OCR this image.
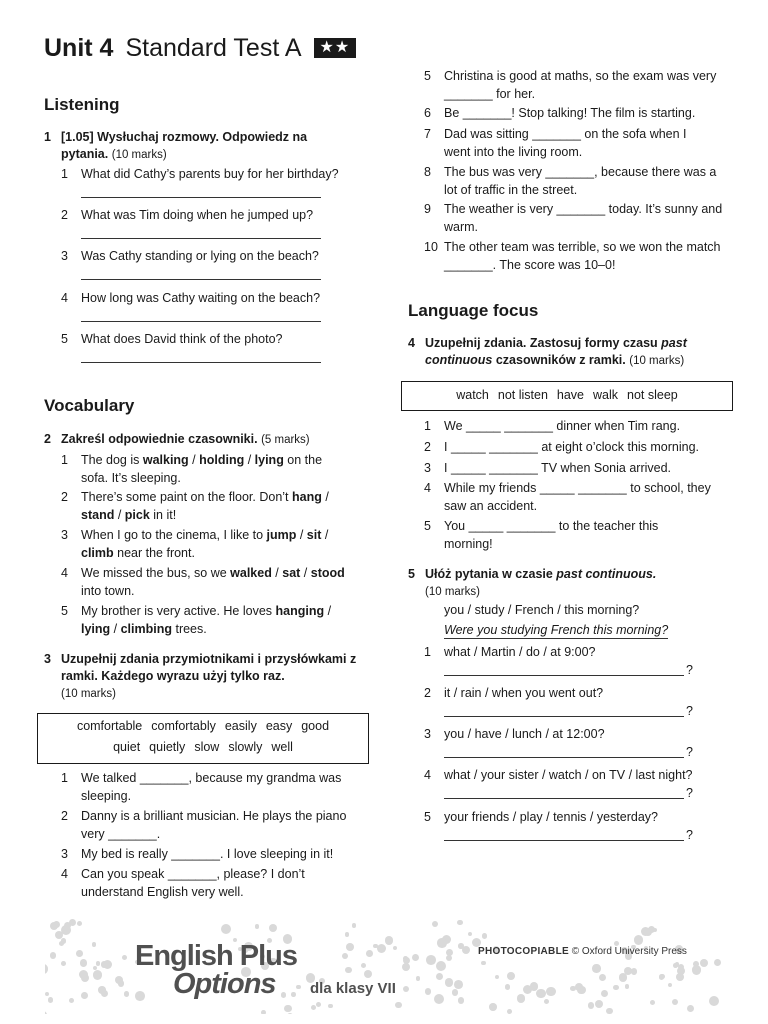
Unit 4 Standard Test A ★★
Listening
1 [1.05] Wysłuchaj rozmowy. Odpowiedz na pytania. (10 marks)
1 What did Cathy’s parents buy for her birthday?
2 What was Tim doing when he jumped up?
3 Was Cathy standing or lying on the beach?
4 How long was Cathy waiting on the beach?
5 What does David think of the photo?
Vocabulary
2 Zakreśl odpowiednie czasowniki. (5 marks)
1 The dog is walking / holding / lying on the sofa. It’s sleeping.
2 There’s some paint on the floor. Don’t hang / stand / pick in it!
3 When I go to the cinema, I like to jump / sit / climb near the front.
4 We missed the bus, so we walked / sat / stood into town.
5 My brother is very active. He loves hanging / lying / climbing trees.
3 Uzupełnij zdania przymiotnikami i przysłówkami z ramki. Każdego wyrazu użyj tylko raz.
(10 marks)
comfortable comfortably easily easy good
quiet quietly slow slowly well
1 We talked _______, because my grandma was sleeping.
2 Danny is a brilliant musician. He plays the piano very _______.
3 My bed is really _______. I love sleeping in it!
4 Can you speak _______, please? I don’t understand English very well.
5 Christina is good at maths, so the exam was very _______ for her.
6 Be _______! Stop talking! The film is starting.
7 Dad was sitting _______ on the sofa when I went into the living room.
8 The bus was very _______, because there was a lot of traffic in the street.
9 The weather is very _______ today. It’s sunny and warm.
10 The other team was terrible, so we won the match _______. The score was 10–0!
Language focus
4 Uzupełnij zdania. Zastosuj formy czasu past continuous czasowników z ramki. (10 marks)
watch not listen have walk not sleep
1 We _____ _______ dinner when Tim rang.
2 I _____ _______ at eight o’clock this morning.
3 I _____ _______ TV when Sonia arrived.
4 While my friends _____ _______ to school, they saw an accident.
5 You _____ _______ to the teacher this morning!
5 Ułóż pytania w czasie past continuous.
(10 marks)
you / study / French / this morning?
Were you studying French this morning?
1 what / Martin / do / at 9:00?
?
2 it / rain / when you went out?
?
3 you / have / lunch / at 12:00?
?
4 what / your sister / watch / on TV / last night?
?
5 your friends / play / tennis / yesterday?
?
English Plus
Options dla klasy VII
PHOTOCOPIABLE © Oxford University Press
